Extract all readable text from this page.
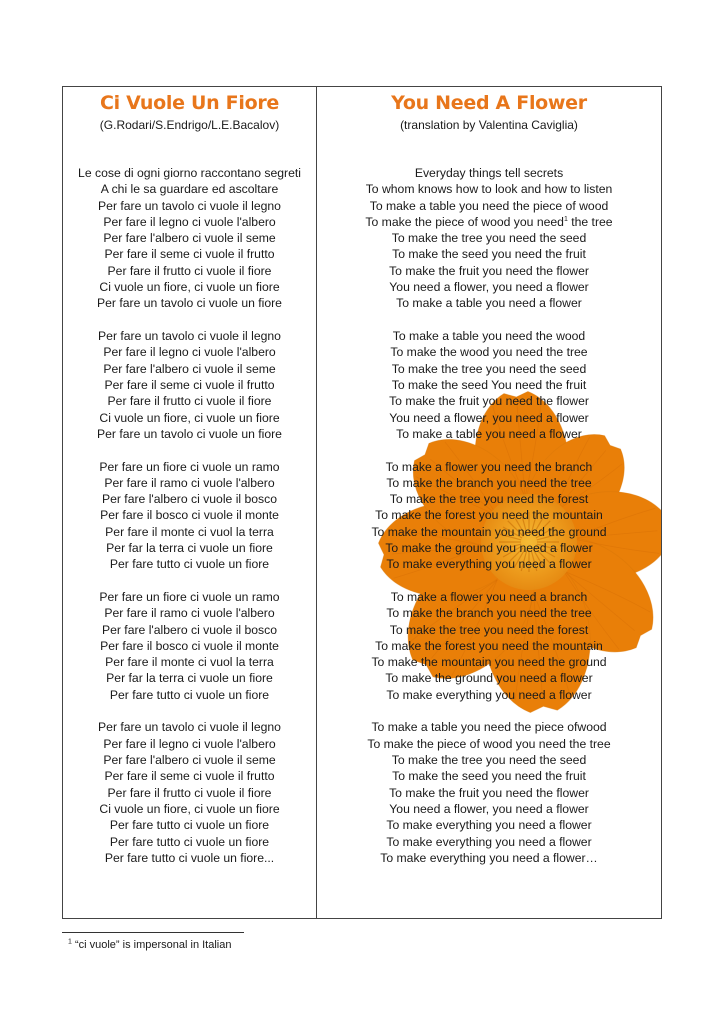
Ci Vuole Un Fiore
(G.Rodari/S.Endrigo/L.E.Bacalov)
Le cose di ogni giorno raccontano segreti
A chi le sa guardare ed ascoltare
Per fare un tavolo ci vuole il legno
Per fare il legno ci vuole l'albero
Per fare l'albero ci vuole il seme
Per fare il seme ci vuole il frutto
Per fare il frutto ci vuole il fiore
Ci vuole un fiore, ci vuole un fiore
Per fare un tavolo ci vuole un fiore
Per fare un tavolo ci vuole il legno
Per fare il legno ci vuole l'albero
Per fare l'albero ci vuole il seme
Per fare il seme ci vuole il frutto
Per fare il frutto ci vuole il fiore
Ci vuole un fiore, ci vuole un fiore
Per fare un tavolo ci vuole un fiore
Per fare un fiore ci vuole un ramo
Per fare il ramo ci vuole l'albero
Per fare l'albero ci vuole il bosco
Per fare il bosco ci vuole il monte
Per fare il monte ci vuol la terra
Per far la terra ci vuole un fiore
Per fare tutto ci vuole un fiore
Per fare un fiore ci vuole un ramo
Per fare il ramo ci vuole l'albero
Per fare l'albero ci vuole il bosco
Per fare il bosco ci vuole il monte
Per fare il monte ci vuol la terra
Per far la terra ci vuole un fiore
Per fare tutto ci vuole un fiore
Per fare un tavolo ci vuole il legno
Per fare il legno ci vuole l'albero
Per fare l'albero ci vuole il seme
Per fare il seme ci vuole il frutto
Per fare il frutto ci vuole il fiore
Ci vuole un fiore, ci vuole un fiore
Per fare tutto ci vuole un fiore
Per fare tutto ci vuole un fiore
Per fare tutto ci vuole un fiore...
You Need A Flower
(translation by Valentina Caviglia)
Everyday things tell secrets
To whom knows how to look and how to listen
To make a table you need the piece of wood
To make the piece of wood you need$^1$ the tree
To make the tree you need the seed
To make the seed you need the fruit
To make the fruit you need the flower
You need a flower, you need a flower
To make a table you need a flower
To make a table you need the wood
To make the wood you need the tree
To make the tree you need the seed
To make the seed You need the fruit
To make the fruit you need the flower
You need a flower, you need a flower
To make a table you need a flower
To make a flower you need the branch
To make the branch you need the tree
To make the tree you need the forest
To make the forest you need the mountain
To make the mountain you need the ground
To make the ground you need a flower
To make everything you need a flower
To make a flower you need a branch
To make the branch you need the tree
To make the tree you need the forest
To make the forest you need the mountain
To make the mountain you need the ground
To make the ground you need a flower
To make everything you need a flower
To make a table you need the piece ofwood
To make the piece of wood you need the tree
To make the tree you need the seed
To make the seed you need the fruit
To make the fruit you need the flower
You need a flower, you need a flower
To make everything you need a flower
To make everything you need a flower
To make everything you need a flower…
$^1$ “ci vuole” is impersonal in Italian
